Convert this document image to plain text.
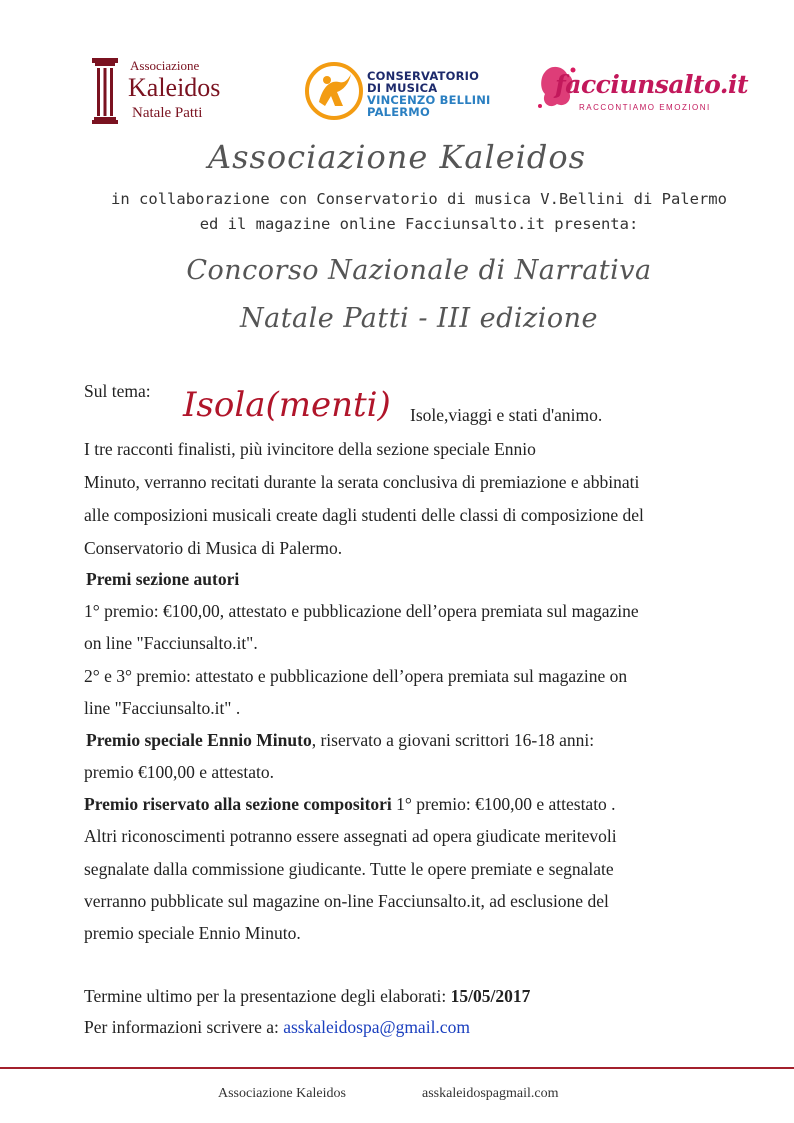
Associazione
Kaleidos
Natale Patti
CONSERVATORIO
DI MUSICA
VINCENZO BELLINI
PALERMO
facciunsalto.it
RACCONTIAMO EMOZIONI
Associazione Kaleidos
in collaborazione con Conservatorio di musica V.Bellini di Palermo
ed il magazine online Facciunsalto.it presenta:
Concorso Nazionale di Narrativa
Natale Patti - III edizione
Sul tema: Isola(menti) Isole,viaggi e stati d'animo.
I tre racconti finalisti, più ivincitore della sezione speciale Ennio
Minuto, verranno recitati durante la serata conclusiva di premiazione e abbinati
alle composizioni musicali create dagli studenti delle classi di composizione del
Conservatorio di Musica di Palermo.
Premi sezione autori
1° premio: €100,00, attestato e pubblicazione dell’opera premiata sul magazine
on line "Facciunsalto.it".
2° e 3° premio: attestato e pubblicazione dell’opera premiata sul magazine on
line "Facciunsalto.it" .
Premio speciale Ennio Minuto, riservato a giovani scrittori 16-18 anni:
premio €100,00 e attestato.
Premio riservato alla sezione compositori 1° premio: €100,00 e attestato .
Altri riconoscimenti potranno essere assegnati ad opera giudicate meritevoli
segnalate dalla commissione giudicante. Tutte le opere premiate e segnalate
verranno pubblicate sul magazine on-line Facciunsalto.it, ad esclusione del
premio speciale Ennio Minuto.
Termine ultimo per la presentazione degli elaborati: 15/05/2017
Per informazioni scrivere a: asskaleidospa@gmail.com
Associazione Kaleidos	asskaleidospagmail.com
